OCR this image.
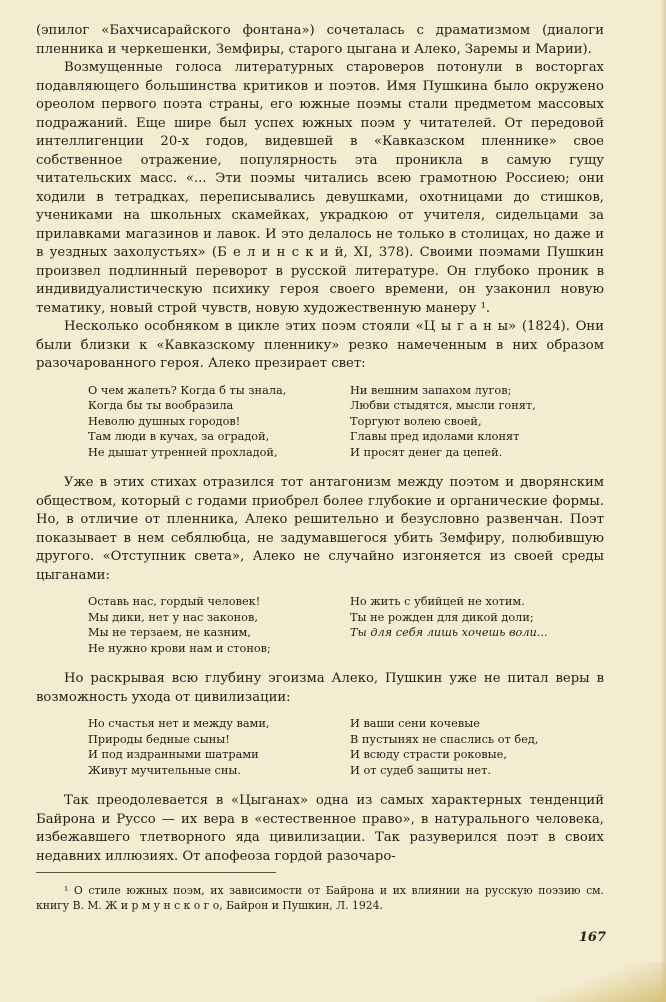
(эпилог «Бахчисарайского фонтана») сочеталась с драматизмом (диалоги пленника и черкешенки, Земфиры, старого цыгана и Алеко, Заремы и Марии).

Возмущенные голоса литературных староверов потонули в восторгах подавляющего большинства критиков и поэтов. Имя Пушкина было окружено ореолом первого поэта страны, его южные поэмы стали предметом массовых подражаний. Еще шире был успех южных поэм у читателей. От передовой интеллигенции 20-х годов, видевшей в «Кавказском пленнике» свое собственное отражение, популярность эта проникла в самую гущу читательских масс. «... Эти поэмы читались всею грамотною Россиею; они ходили в тетрадках, переписывались девушками, охотницами до стишков, учениками на школьных скамейках, украдкою от учителя, сидельцами за прилавками магазинов и лавок. И это делалось не только в столицах, но даже и в уездных захолустьях» (Б е л и н с к и й, XI, 378). Своими поэмами Пушкин произвел подлинный переворот в русской литературе. Он глубоко проник в индивидуалистическую психику героя своего времени, он узаконил новую тематику, новый строй чувств, новую художественную манеру ¹.

Несколько особняком в цикле этих поэм стояли «Ц ы г а н ы» (1824). Они были близки к «Кавказскому пленнику» резко намеченным в них образом разочарованного героя. Алеко презирает свет:

О чем жалеть? Когда б ты знала,
Когда бы ты вообразила
Неволю душных городов!
Там люди в кучах, за оградой,
Не дышат утренней прохладой,
Ни вешним запахом лугов;
Любви стыдятся, мысли гонят,
Торгуют волею своей,
Главы пред идолами клонят
И просят денег да цепей.

Уже в этих стихах отразился тот антагонизм между поэтом и дворянским обществом, который с годами приобрел более глубокие и органические формы. Но, в отличие от пленника, Алеко решительно и безусловно развенчан. Поэт показывает в нем себялюбца, не задумавшегося убить Земфиру, полюбившую другого. «Отступник света», Алеко не случайно изгоняется из своей среды цыганами:

Оставь нас, гордый человек!
Мы дики, нет у нас законов,
Мы не терзаем, не казним,
Не нужно крови нам и стонов;
Но жить с убийцей не хотим.
Ты не рожден для дикой доли;
Ты для себя лишь хочешь воли...

Но раскрывая всю глубину эгоизма Алеко, Пушкин уже не питал веры в возможность ухода от цивилизации:

Но счастья нет и между вами,
Природы бедные сыны!
И под издранными шатрами
Живут мучительные сны.
И ваши сени кочевые
В пустынях не спаслись от бед,
И всюду страсти роковые,
И от судеб защиты нет.

Так преодолевается в «Цыганах» одна из самых характерных тенденций Байрона и Руссо — их вера в «естественное право», в натурального человека, избежавшего тлетворного яда цивилизации. Так разуверился поэт в своих недавних иллюзиях. От апофеоза гордой разочаро-

¹ О стиле южных поэм, их зависимости от Байрона и их влиянии на русскую поэзию см. книгу В. М. Ж и р м у н с к о г о, Байрон и Пушкин, Л. 1924.
167
